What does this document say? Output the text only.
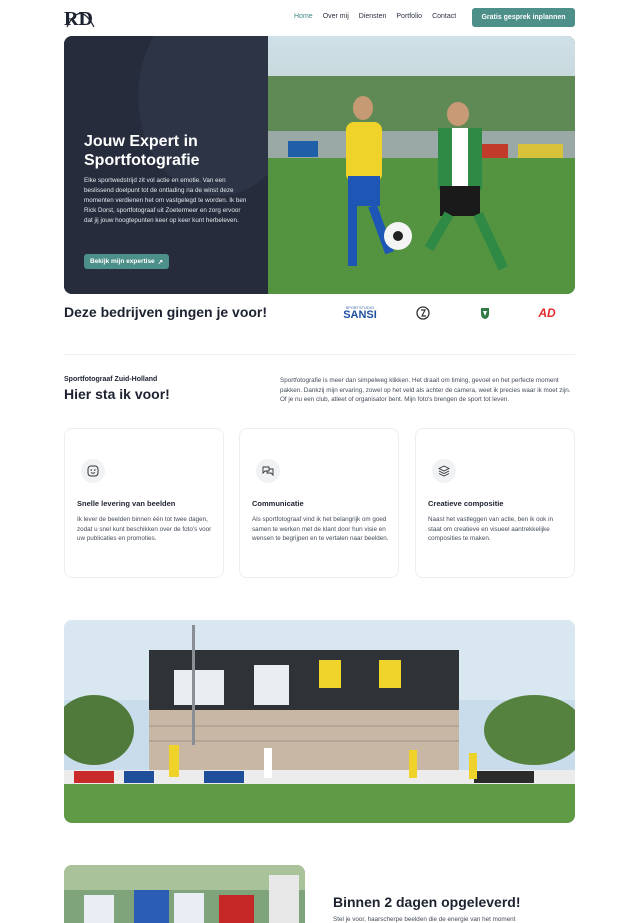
RD	Home Over mij Diensten Portfolio Contact	Gratis gesprek inplannen
Jouw Expert in
Sportfotografie
Elke sportwedstrijd zit vol actie en emotie. Van een beslissend doelpunt tot de ontlading na de winst deze momenten verdienen het om vastgelegd te worden. Ik ben Rick Dorst, sportfotograaf uit Zoetermeer en zorg ervoor dat jij jouw hoogtepunten keer op keer kunt herbeleven.
Bekijk mijn expertise ↗
Deze bedrijven gingen je voor!	SPORTSTUDIO
SANSI	AD
Sportfotograaf Zuid-Holland
Hier sta ik voor!
Sportfotografie is meer dan simpelweg klikken. Het draait om timing, gevoel en het perfecte moment pakken. Dankzij mijn ervaring, zowel op het veld als achter de camera, weet ik precies waar ik moet zijn. Of je nu een club, atleet of organisator bent. Mijn foto's brengen de sport tot leven.
Snelle levering van beelden
Ik lever de beelden binnen één tot twee dagen, zodat u snel kunt beschikken over de foto's voor uw publicaties en promoties.
Communicatie
Als sportfotograaf vind ik het belangrijk om goed samen te werken met de klant door hun visie en wensen te begrijpen en te vertalen naar beelden.
Creatieve compositie
Naast het vastleggen van actie, ben ik ook in staat om creatieve en visueel aantrekkelijke composities te maken.
Binnen 2 dagen opgeleverd!
Stel je voor, haarscherpe beelden die de energie van het moment
